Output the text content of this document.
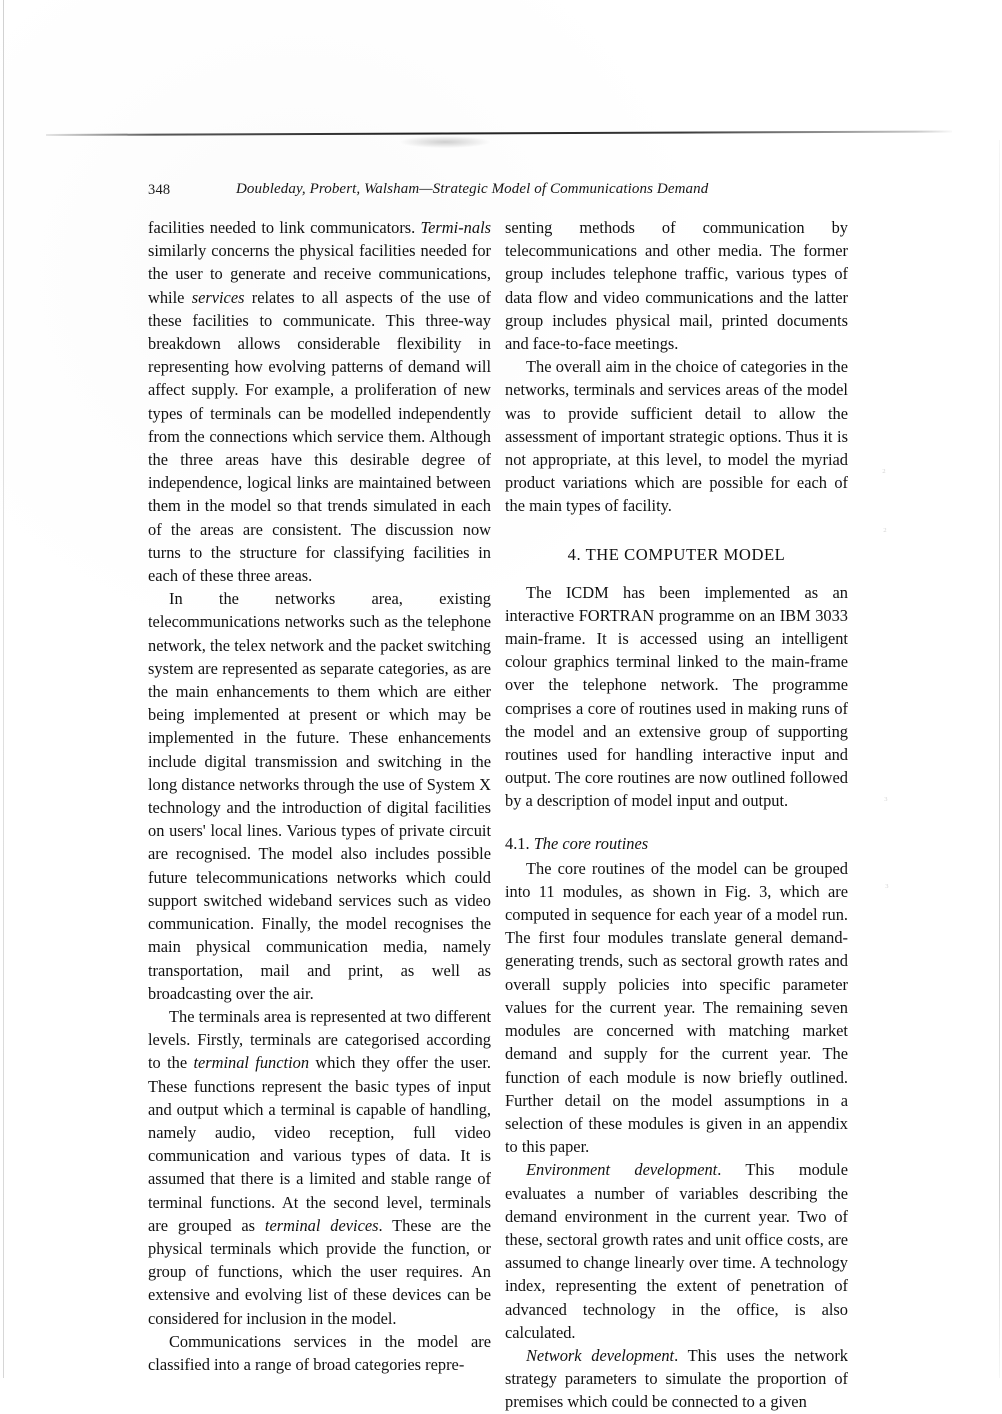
₂
₂
₃
₃
348	Doubleday, Probert, Walsham—Strategic Model of Communications Demand

facilities needed to link communicators. Termi-nals similarly concerns the physical facilities needed for the user to generate and receive communications, while services relates to all aspects of the use of these facilities to communicate. This three-way breakdown allows considerable flexibility in representing how evolving patterns of demand will affect supply. For example, a proliferation of new types of terminals can be modelled independently from the connections which service them. Although the three areas have this desirable degree of independence, logical links are maintained between them in the model so that trends simulated in each of the areas are consistent. The discussion now turns to the structure for classifying facilities in each of these three areas.

In the networks area, existing telecommunications networks such as the telephone network, the telex network and the packet switching system are represented as separate categories, as are the main enhancements to them which are either being implemented at present or which may be implemented in the future. These enhancements include digital transmission and switching in the long distance networks through the use of System X technology and the introduction of digital facilities on users' local lines. Various types of private circuit are recognised. The model also includes possible future telecommunications networks which could support switched wideband services such as video communication. Finally, the model recognises the main physical communication media, namely transportation, mail and print, as well as broadcasting over the air.

The terminals area is represented at two different levels. Firstly, terminals are categorised according to the terminal function which they offer the user. These functions represent the basic types of input and output which a terminal is capable of handling, namely audio, video reception, full video communication and various types of data. It is assumed that there is a limited and stable range of terminal functions. At the second level, terminals are grouped as terminal devices. These are the physical terminals which provide the function, or group of functions, which the user requires. An extensive and evolving list of these devices can be considered for inclusion in the model.

Communications services in the model are classified into a range of broad categories repre-

senting methods of communication by telecommunications and other media. The former group includes telephone traffic, various types of data flow and video communications and the latter group includes physical mail, printed documents and face-to-face meetings.

The overall aim in the choice of categories in the networks, terminals and services areas of the model was to provide sufficient detail to allow the assessment of important strategic options. Thus it is not appropriate, at this level, to model the myriad product variations which are possible for each of the main types of facility.

4. THE COMPUTER MODEL

The ICDM has been implemented as an interactive FORTRAN programme on an IBM 3033 main-frame. It is accessed using an intelligent colour graphics terminal linked to the main-frame over the telephone network. The programme comprises a core of routines used in making runs of the model and an extensive group of supporting routines used for handling interactive input and output. The core routines are now outlined followed by a description of model input and output.

4.1. The core routines

The core routines of the model can be grouped into 11 modules, as shown in Fig. 3, which are computed in sequence for each year of a model run. The first four modules translate general demand-generating trends, such as sectoral growth rates and overall supply policies into specific parameter values for the current year. The remaining seven modules are concerned with matching market demand and supply for the current year. The function of each module is now briefly outlined. Further detail on the model assumptions in a selection of these modules is given in an appendix to this paper.

Environment development. This module evaluates a number of variables describing the demand environment in the current year. Two of these, sectoral growth rates and unit office costs, are assumed to change linearly over time. A technology index, representing the extent of penetration of advanced technology in the office, is also calculated.

Network development. This uses the network strategy parameters to simulate the proportion of premises which could be connected to a given
